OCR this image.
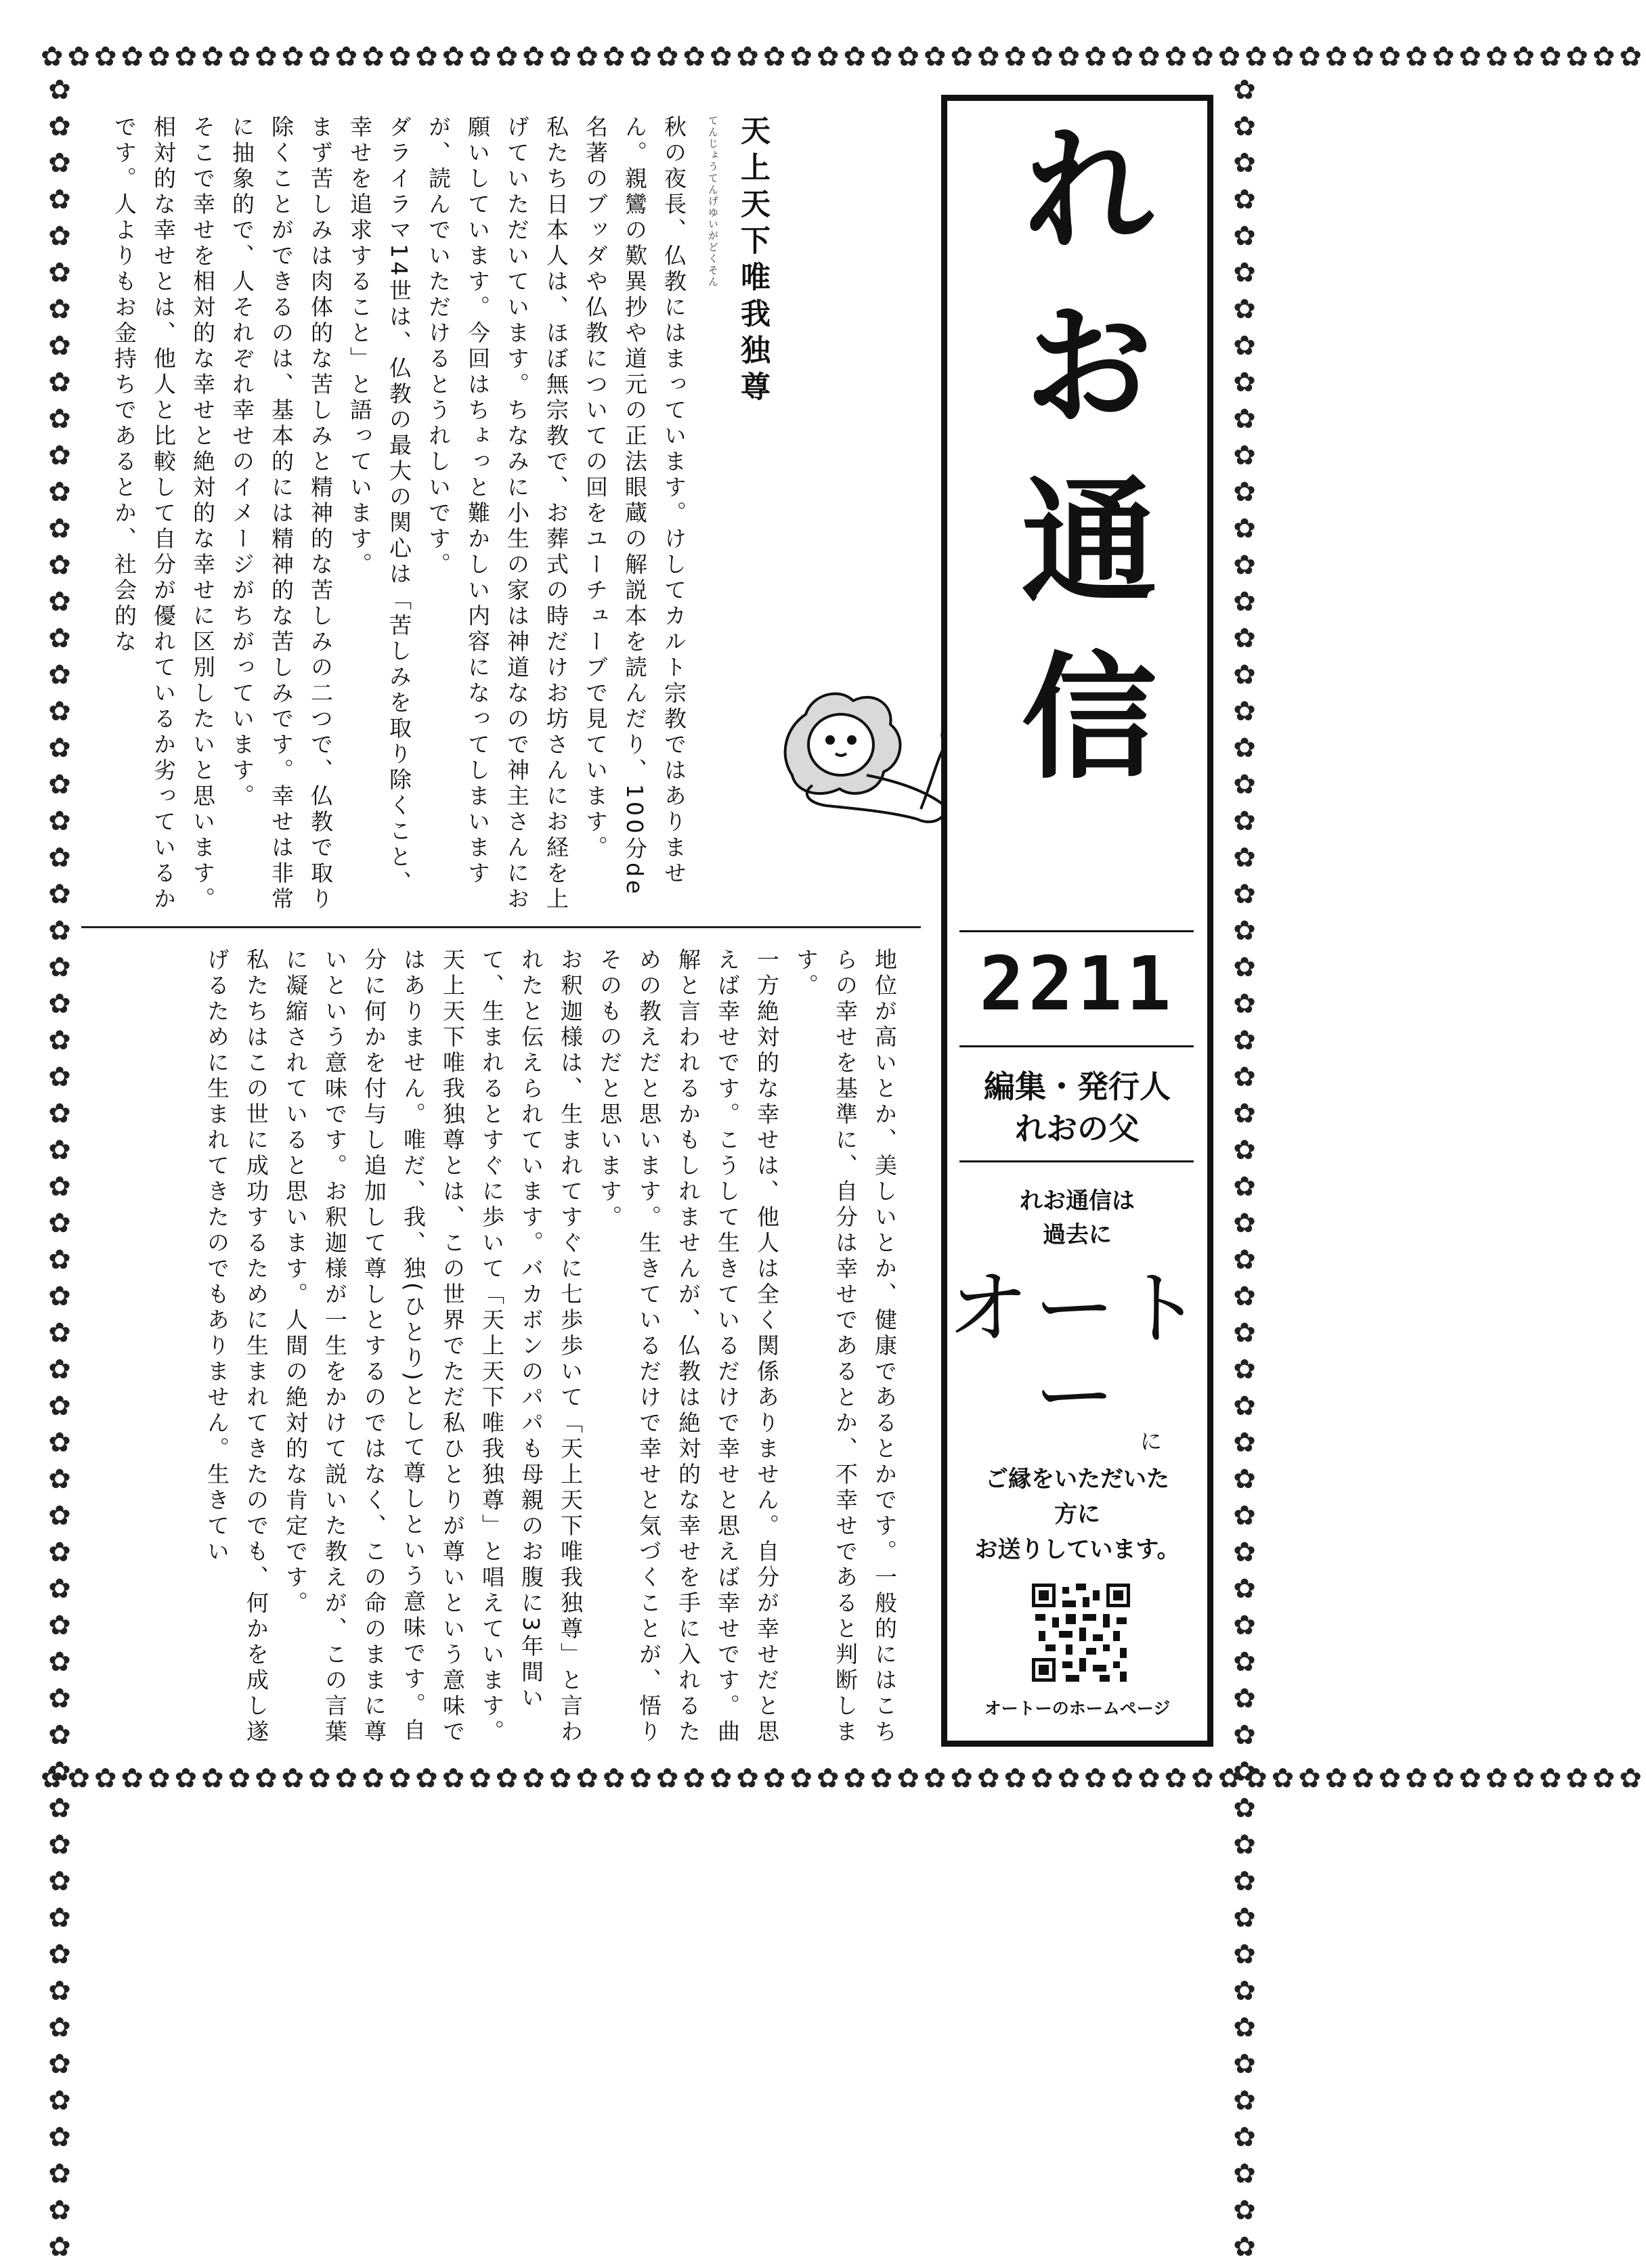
✿✿✿✿✿✿✿✿✿✿✿✿✿✿✿✿✿✿✿✿✿✿✿✿✿✿✿✿✿✿✿✿✿✿✿✿✿✿✿✿✿✿✿✿✿✿✿✿✿✿✿✿✿✿✿✿✿✿✿✿
✿✿✿✿✿✿✿✿✿✿✿✿✿✿✿✿✿✿✿✿✿✿✿✿✿✿✿✿✿✿✿✿✿✿✿✿✿✿✿✿✿✿✿✿✿✿✿✿✿✿✿✿✿✿✿✿✿✿✿✿
✿✿✿✿✿✿✿✿✿✿✿✿✿✿✿✿✿✿✿✿✿✿✿✿✿✿✿✿✿✿✿✿✿✿✿✿✿✿✿✿✿✿✿✿✿✿✿✿✿✿✿✿✿✿✿✿✿✿✿✿	✿✿✿✿✿✿✿✿✿✿✿✿✿✿✿✿✿✿✿✿✿✿✿✿✿✿✿✿✿✿✿✿✿✿✿✿✿✿✿✿✿✿✿✿✿✿✿✿✿✿✿✿✿✿✿✿✿✿✿✿

天上天下唯我独尊

てんじょうてんげゆいがどくそん

秋の夜長、仏教にはまっています。けしてカルト宗教ではありません。親鸞の歎異抄や道元の正法眼蔵の解説本を読んだり、100分de名著のブッダや仏教についての回をユーチューブで見ています。

私たち日本人は、ほぼ無宗教で、お葬式の時だけお坊さんにお経を上げていただいています。ちなみに小生の家は神道なので神主さんにお願いしています。今回はちょっと難かしい内容になってしまいますが、読んでいただけるとうれしいです。

ダライラマ14世は、仏教の最大の関心は「苦しみを取り除くこと、幸せを追求すること」と語っています。

まず苦しみは肉体的な苦しみと精神的な苦しみの二つで、仏教で取り除くことができるのは、基本的には精神的な苦しみです。幸せは非常に抽象的で、人それぞれ幸せのイメージがちがっています。

そこで幸せを相対的な幸せと絶対的な幸せに区別したいと思います。相対的な幸せとは、他人と比較して自分が優れているか劣っているかです。人よりもお金持ちであるとか、社会的な

地位が高いとか、美しいとか、健康であるとかです。一般的にはこちらの幸せを基準に、自分は幸せであるとか、不幸せであると判断します。

一方絶対的な幸せは、他人は全く関係ありません。自分が幸せだと思えば幸せです。こうして生きているだけで幸せと思えば幸せです。曲解と言われるかもしれませんが、仏教は絶対的な幸せを手に入れるための教えだと思います。生きているだけで幸せと気づくことが、悟りそのものだと思います。

お釈迦様は、生まれてすぐに七歩歩いて「天上天下唯我独尊」と言われたと伝えられています。バカボンのパパも母親のお腹に3年間いて、生まれるとすぐに歩いて「天上天下唯我独尊」と唱えています。

天上天下唯我独尊とは、この世界でただ私ひとりが尊いという意味ではありません。唯だ、我、独(ひとり)として尊しという意味です。自分に何かを付与し追加して尊しとするのではなく、この命のままに尊いという意味です。お釈迦様が一生をかけて説いた教えが、この言葉に凝縮されていると思います。人間の絶対的な肯定です。

私たちはこの世に成功するために生まれてきたのでも、何かを成し遂げるために生まれてきたのでもありません。生きてい

れお通信
2211
編集・発行人
れおの父
れお通信は
過去に
オートー に
ご縁をいただいた
方に
お送りしています。
オートーのホームページ
